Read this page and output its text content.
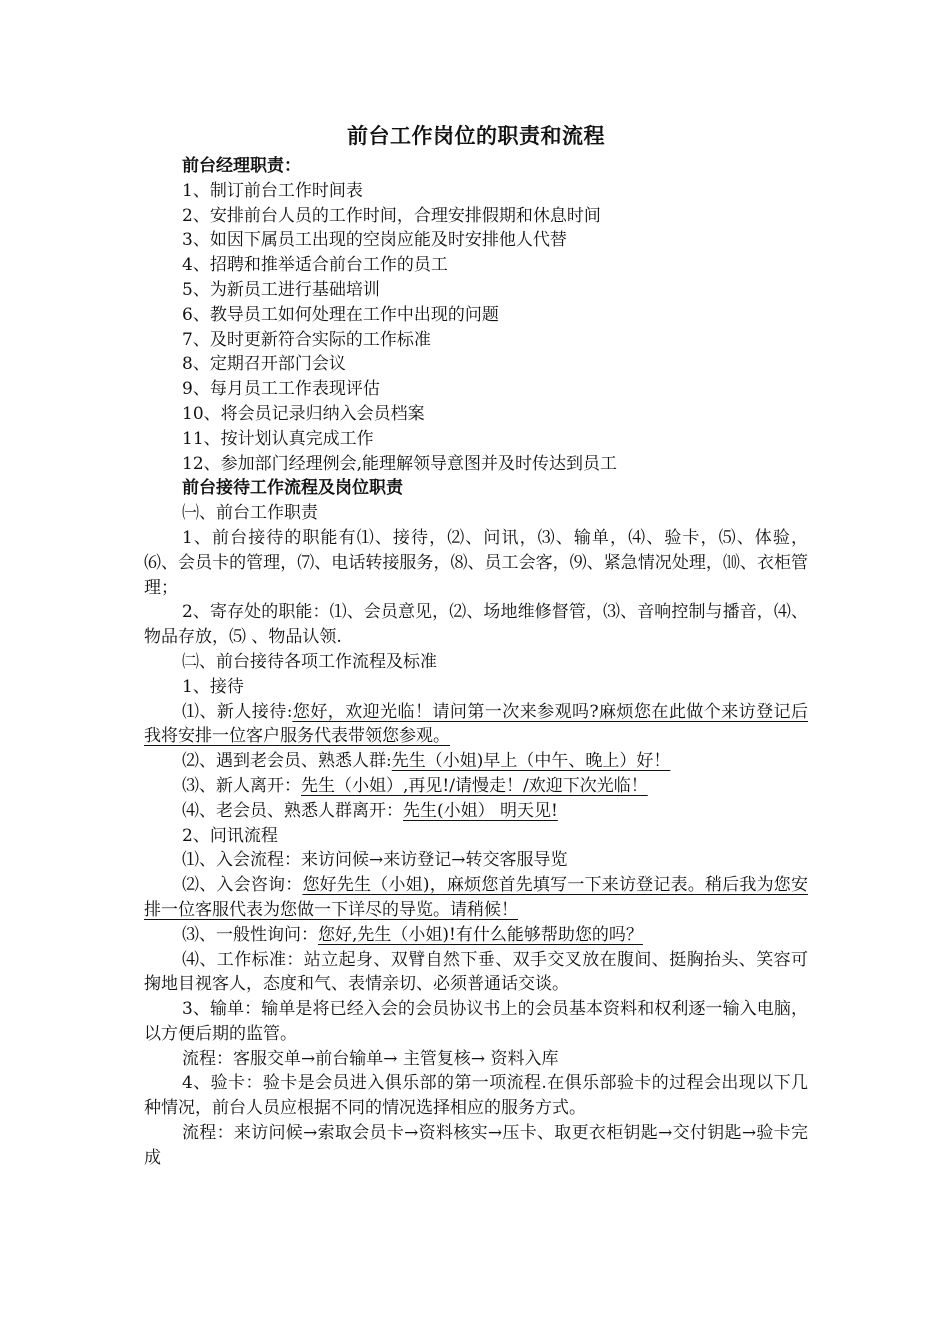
前台工作岗位的职责和流程
前台经理职责：
1、制订前台工作时间表
2、安排前台人员的工作时间，合理安排假期和休息时间
3、如因下属员工出现的空岗应能及时安排他人代替
4、招聘和推举适合前台工作的员工
5、为新员工进行基础培训
6、教导员工如何处理在工作中出现的问题
7、及时更新符合实际的工作标准
8、定期召开部门会议
9、每月员工工作表现评估
10、将会员记录归纳入会员档案
11、按计划认真完成工作
12、参加部门经理例会,能理解领导意图并及时传达到员工
前台接待工作流程及岗位职责
㈠、前台工作职责
1、前台接待的职能有⑴、接待，⑵、问讯，⑶、输单，⑷、验卡，⑸、体验， ⑹、会员卡的管理，⑺、电话转接服务，⑻、员工会客，⑼、紧急情况处理，⑽、衣柜管理；
2、寄存处的职能：⑴、会员意见，⑵、场地维修督管，⑶、音响控制与播音，⑷、物品存放，⑸ 、物品认领.
㈡、前台接待各项工作流程及标准
1、接待
⑴、新人接待:您好，欢迎光临！请问第一次来参观吗?麻烦您在此做个来访登记后我将安排一位客户服务代表带领您参观。
⑵、遇到老会员、熟悉人群:先生（小姐)早上（中午、晚上）好！
⑶、新人离开：先生（小姐）,再见!/请慢走！/欢迎下次光临！
⑷、老会员、熟悉人群离开：先生(小姐） 明天见!
2、问讯流程
⑴、入会流程：来访问候→来访登记→转交客服导览
⑵、入会咨询：您好先生（小姐)，麻烦您首先填写一下来访登记表。稍后我为您安排一位客服代表为您做一下详尽的导览。请稍候！
⑶、一般性询问：您好,先生（小姐)!有什么能够帮助您的吗？
⑷、工作标准：站立起身、双臂自然下垂、双手交叉放在腹间、挺胸抬头、笑容可掬地目视客人，态度和气、表情亲切、必须普通话交谈。
3、输单：输单是将已经入会的会员协议书上的会员基本资料和权利逐一输入电脑，以方便后期的监管。
流程：客服交单→前台输单→ 主管复核→ 资料入库
4、验卡：验卡是会员进入俱乐部的第一项流程.在俱乐部验卡的过程会出现以下几种情况，前台人员应根据不同的情况选择相应的服务方式。
流程：来访问候→索取会员卡→资料核实→压卡、取更衣柜钥匙→交付钥匙→验卡完成
